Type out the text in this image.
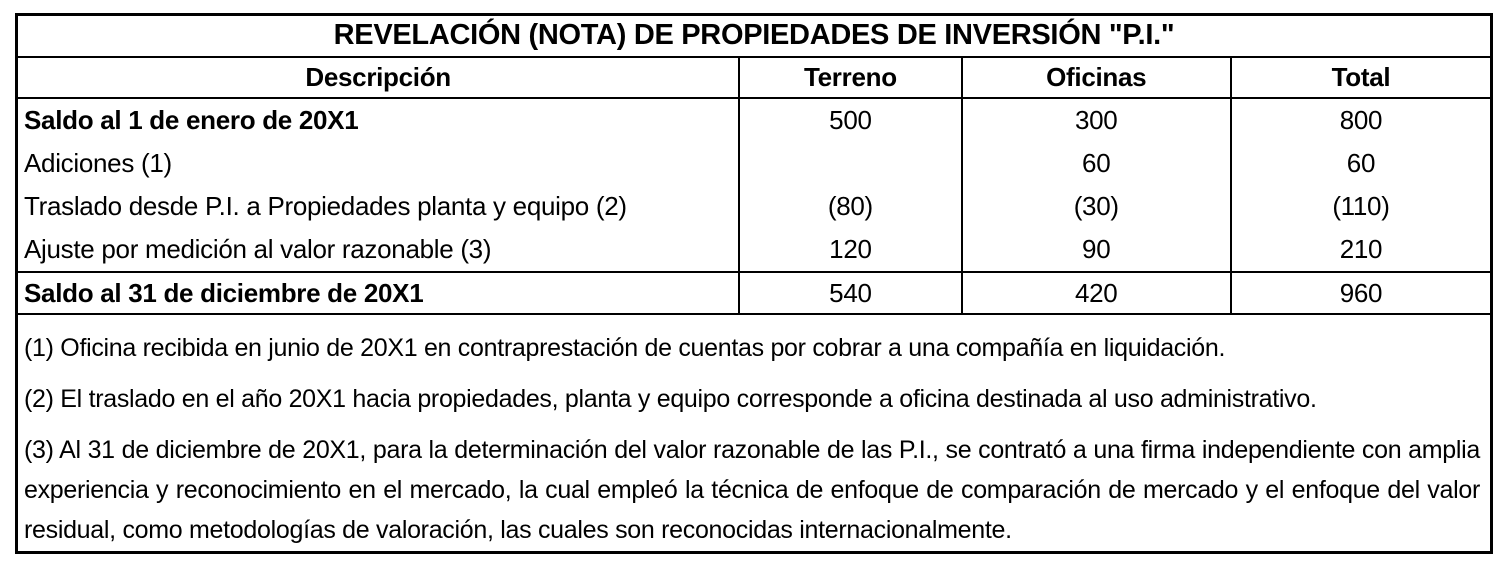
REVELACIÓN (NOTA) DE PROPIEDADES DE INVERSIÓN "P.I."			
Descripción	Terreno	Oficinas	Total
Saldo al 1 de enero de 20X1	500	300	800
Adiciones (1)		60	60
Traslado desde P.I. a Propiedades planta y equipo (2)	(80)	(30)	(110)
Ajuste por medición al valor razonable (3)	120	90	210
Saldo al 31 de diciembre de 20X1	540	420	960

(1) Oficina recibida en junio de 20X1 en contraprestación de cuentas por cobrar a una compañía en liquidación.

(2) El traslado en el año 20X1 hacia propiedades, planta y equipo corresponde a oficina destinada al uso administrativo.

(3) Al 31 de diciembre de 20X1, para la determinación del valor razonable de las P.I., se contrató a una firma independiente con amplia experiencia y reconocimiento en el mercado, la cual empleó la técnica de enfoque de comparación de mercado y el enfoque del valor residual, como metodologías de valoración, las cuales son reconocidas internacionalmente.
